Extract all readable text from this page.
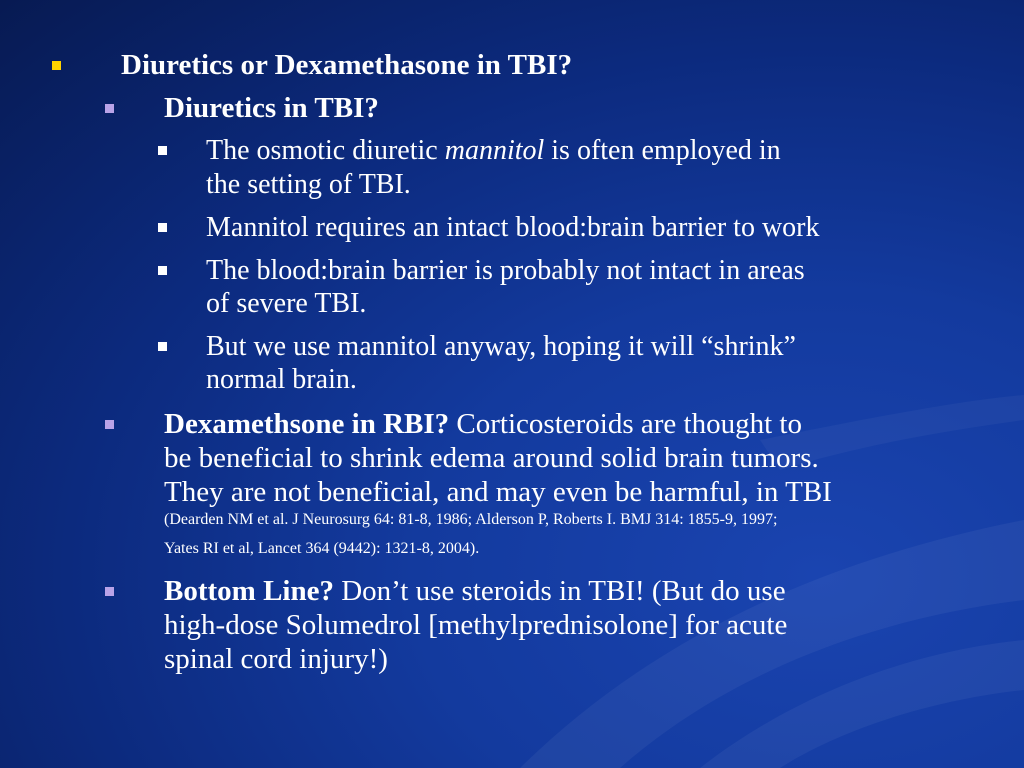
Diuretics or Dexamethasone in TBI?
Diuretics in TBI?
The osmotic diuretic mannitol is often employed in
the setting of TBI.
Mannitol requires an intact blood:brain barrier to work
The blood:brain barrier is probably not intact in areas
of severe TBI.
But we use mannitol anyway, hoping it will “shrink”
normal brain.
Dexamethsone in RBI? Corticosteroids are thought to
be beneficial to shrink edema around solid brain tumors.
They are not beneficial, and may even be harmful, in TBI
(Dearden NM et al. J Neurosurg 64: 81-8, 1986; Alderson P, Roberts I. BMJ 314: 1855-9, 1997;
Yates RI et al, Lancet 364 (9442): 1321-8, 2004).
Bottom Line? Don’t use steroids in TBI! (But do use
high-dose Solumedrol [methylprednisolone] for acute
spinal cord injury!)
